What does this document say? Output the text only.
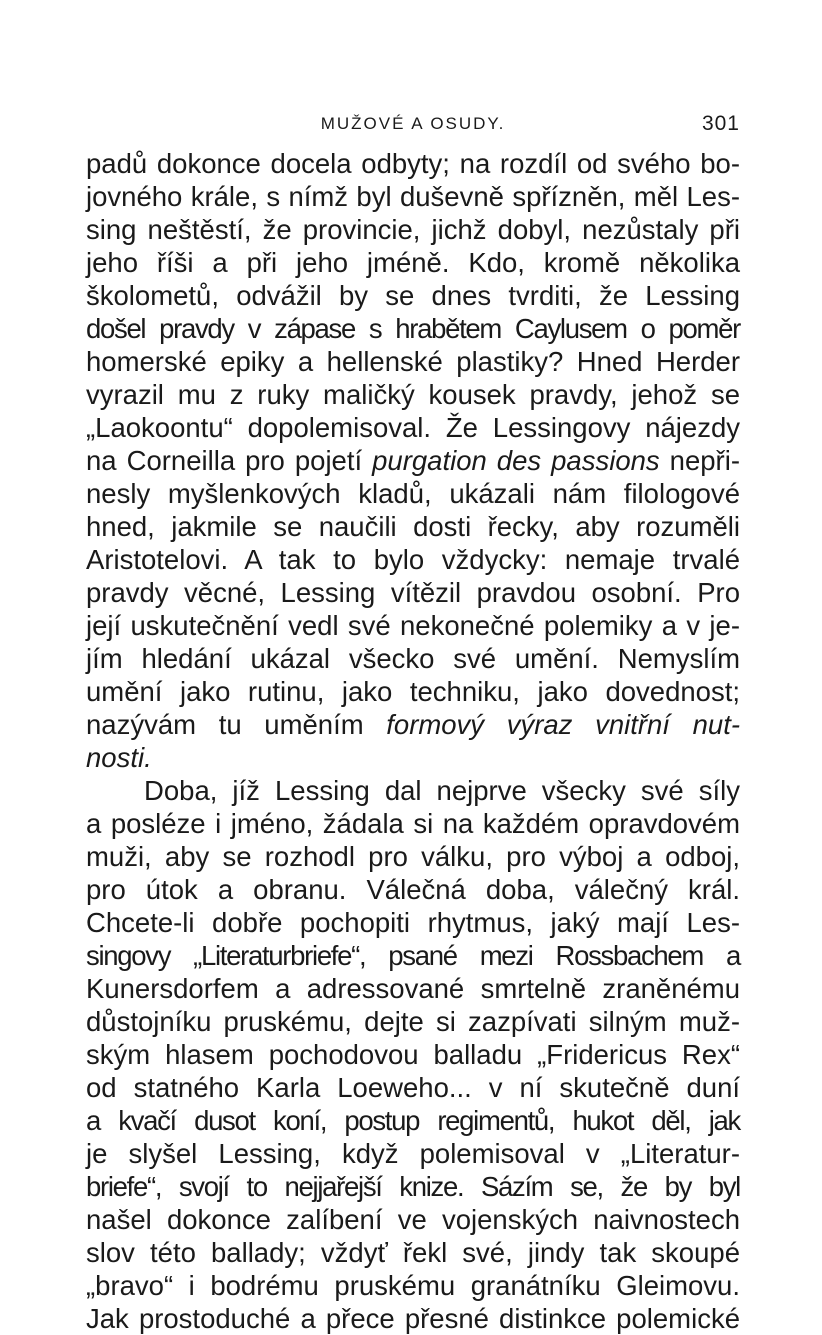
MUŽOVÉ A OSUDY.	301
padů dokonce docela odbyty; na rozdíl od svého bo-
jovného krále, s nímž byl duševně spřízněn, měl Les-
sing neštěstí, že provincie, jichž dobyl, nezůstaly při
jeho říši a při jeho jméně. Kdo, kromě několika
školometů, odvážil by se dnes tvrditi, že Lessing
došel pravdy v zápase s hrabětem Caylusem o poměr
homerské epiky a hellenské plastiky? Hned Herder
vyrazil mu z ruky maličký kousek pravdy, jehož se
„Laokoontu“ dopolemisoval. Že Lessingovy nájezdy
na Corneilla pro pojetí purgation des passions nepři-
nesly myšlenkových kladů, ukázali nám filologové
hned, jakmile se naučili dosti řecky, aby rozuměli
Aristotelovi. A tak to bylo vždycky: nemaje trvalé
pravdy věcné, Lessing vítězil pravdou osobní. Pro
její uskutečnění vedl své nekonečné polemiky a v je-
jím hledání ukázal všecko své umění. Nemyslím
umění jako rutinu, jako techniku, jako dovednost;
nazývám tu uměním formový výraz vnitřní nut-
nosti.
Doba, jíž Lessing dal nejprve všecky své síly
a posléze i jméno, žádala si na každém opravdovém
muži, aby se rozhodl pro válku, pro výboj a odboj,
pro útok a obranu. Válečná doba, válečný král.
Chcete-li dobře pochopiti rhytmus, jaký mají Les-
singovy „Literaturbriefe“, psané mezi Rossbachem a
Kunersdorfem a adressované smrtelně zraněnému
důstojníku pruskému, dejte si zazpívati silným muž-
ským hlasem pochodovou balladu „Fridericus Rex“
od statného Karla Loeweho... v ní skutečně duní
a kvačí dusot koní, postup regimentů, hukot děl, jak
je slyšel Lessing, když polemisoval v „Literatur-
briefe“, svojí to nejjařejší knize. Sázím se, že by byl
našel dokonce zalíbení ve vojenských naivnostech
slov této ballady; vždyť řekl své, jindy tak skoupé
„bravo“ i bodrému pruskému granátníku Gleimovu.
Jak prostoduché a přece přesné distinkce polemické
